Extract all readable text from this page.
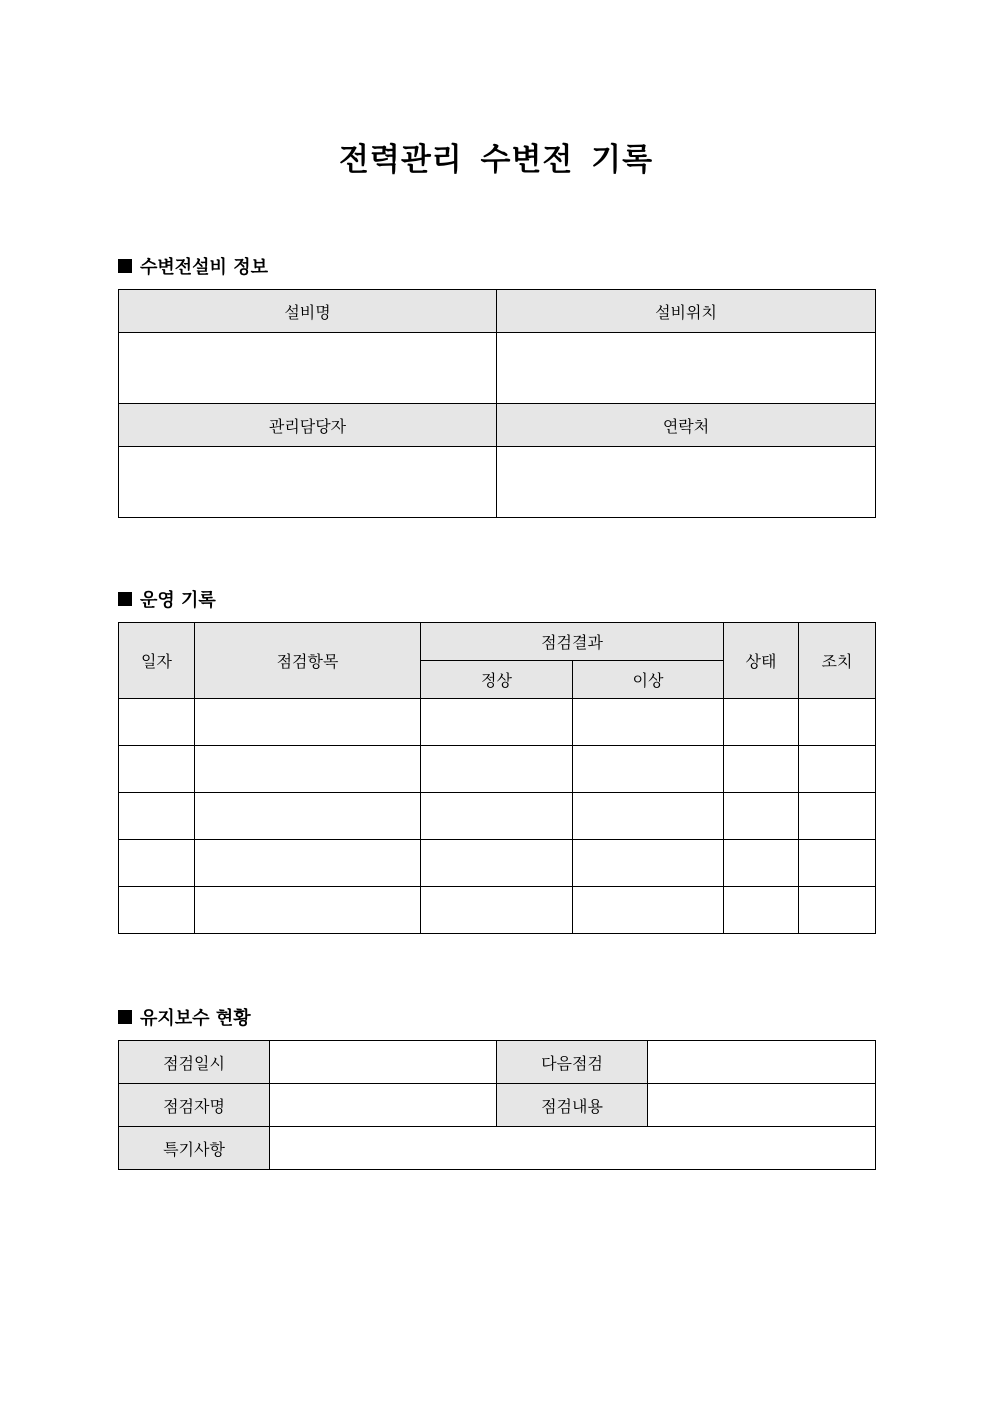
전력관리 수변전 기록
수변전설비 정보
설비명	설비위치

관리담당자	연락처

운영 기록
일자	점검항목	점검결과		상태	조치
		정상	이상		

유지보수 현황
점검일시		다음점검	
점검자명		점검내용	
특기사항			
